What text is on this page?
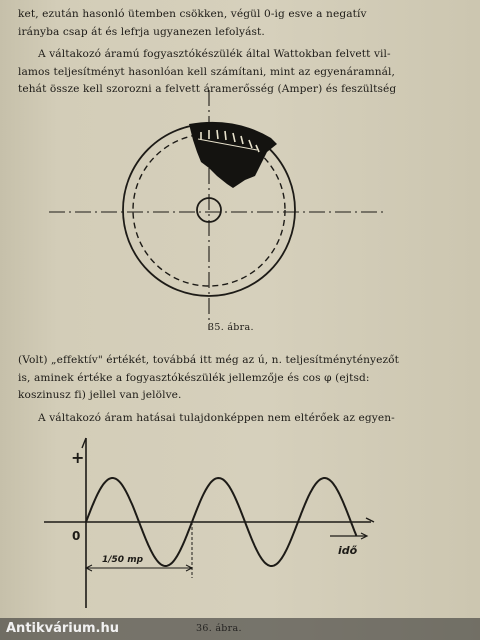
ket, ezután hasonló ütemben csökken, végül 0-ig esve a negatív
irányba csap át és lefrja ugyanezen lefolyást.
A váltakozó áramú fogyasztókészülék által Wattokban felvett vil-
lamos teljesítményt hasonlóan kell számítani, mint az egyenáramnál,
tehát össze kell szorozni a felvett áramerősség (Amper) és feszültség
35. ábra.
(Volt) „effektív" értékét, továbbá itt még az ú, n. teljesítménytényezőt
is, aminek értéke a fogyasztókészülék jellemzője és cos φ (ejtsd:
koszinusz fi) jellel van jelölve.
A váltakozó áram hatásai tulajdonképpen nem eltérőek az egyen-
+
0
idő
1/50 mp
Antikvárium.hu
